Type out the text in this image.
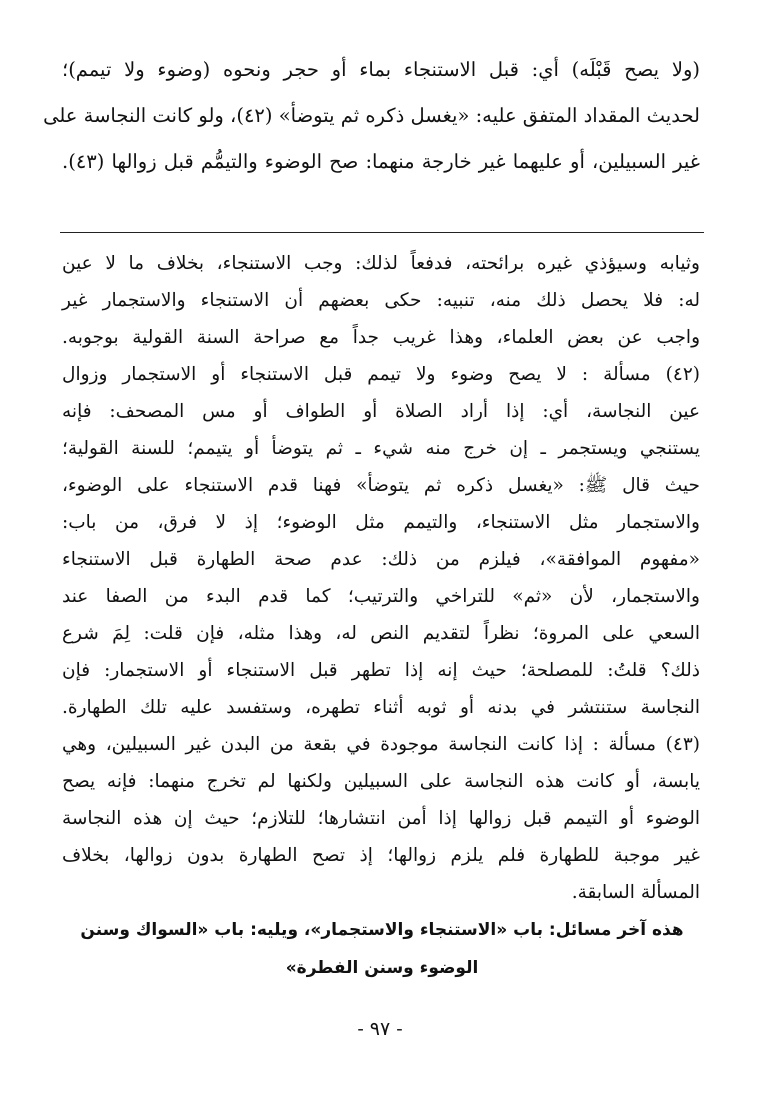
(ولا يصح قَبْلَه) أي: قبل الاستنجاء بماء أو حجر ونحوه (وضوء ولا تيمم)؛
لحديث المقداد المتفق عليه: «يغسل ذكره ثم يتوضأ» (٤٢)، ولو كانت النجاسة على
غير السبيلين، أو عليهما غير خارجة منهما: صح الوضوء والتيمُّم قبل زوالها (٤٣).
وثيابه وسيؤذي غيره برائحته، فدفعاً لذلك: وجب الاستنجاء، بخلاف ما لا عين
له: فلا يحصل ذلك منه، تنبيه: حكى بعضهم أن الاستنجاء والاستجمار غير
واجب عن بعض العلماء، وهذا غريب جداً مع صراحة السنة القولية بوجوبه.
(٤٢) مسألة : لا يصح وضوء ولا تيمم قبل الاستنجاء أو الاستجمار وزوال
عين النجاسة، أي: إذا أراد الصلاة أو الطواف أو مس المصحف: فإنه
يستنجي ويستجمر ـ إن خرج منه شيء ـ ثم يتوضأ أو يتيمم؛ للسنة القولية؛
حيث قال ﷺ: «يغسل ذكره ثم يتوضأ» فهنا قدم الاستنجاء على الوضوء،
والاستجمار مثل الاستنجاء، والتيمم مثل الوضوء؛ إذ لا فرق، من باب:
«مفهوم الموافقة»، فيلزم من ذلك: عدم صحة الطهارة قبل الاستنجاء
والاستجمار، لأن «ثم» للتراخي والترتيب؛ كما قدم البدء من الصفا عند
السعي على المروة؛ نظراً لتقديم النص له، وهذا مثله، فإن قلت: لِمَ شرع
ذلك؟ قلتُ: للمصلحة؛ حيث إنه إذا تطهر قبل الاستنجاء أو الاستجمار: فإن
النجاسة ستنتشر في بدنه أو ثوبه أثناء تطهره، وستفسد عليه تلك الطهارة.
(٤٣) مسألة : إذا كانت النجاسة موجودة في بقعة من البدن غير السبيلين، وهي
يابسة، أو كانت هذه النجاسة على السبيلين ولكنها لم تخرج منهما: فإنه يصح
الوضوء أو التيمم قبل زوالها إذا أمن انتشارها؛ للتلازم؛ حيث إن هذه النجاسة
غير موجبة للطهارة فلم يلزم زوالها؛ إذ تصح الطهارة بدون زوالها، بخلاف
المسألة السابقة.
هذه آخر مسائل: باب «الاستنجاء والاستجمار»، ويليه: باب «السواك وسنن
الوضوء وسنن الفطرة»
- ٩٧ -
